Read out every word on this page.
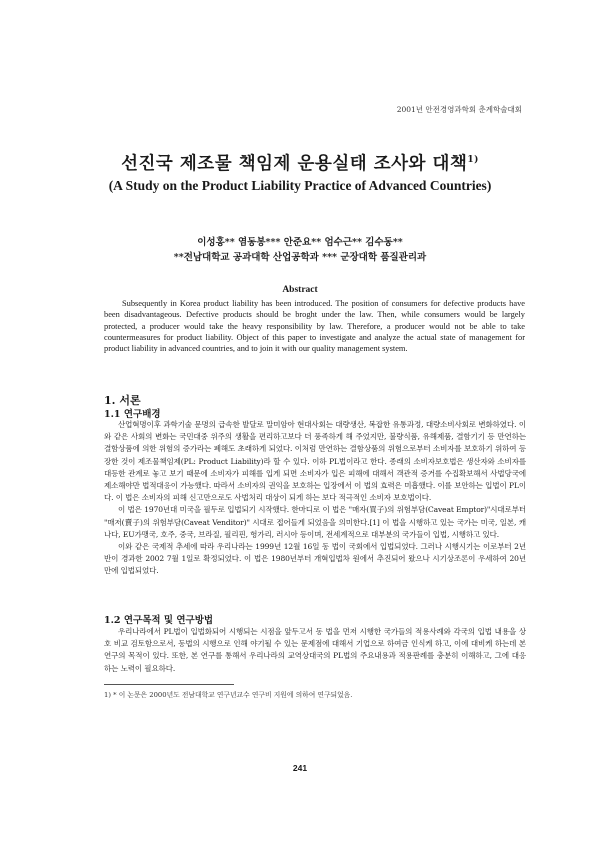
2001년 안전경영과학회 춘계학술대회
선진국 제조물 책임제 운용실태 조사와 대책$^{1)}$
(A Study on the Product Liability Practice of Advanced Countries)
이성홍** 염동봉*** 안준요** 엄수근** 김수동**
**전남대학교 공과대학 산업공학과 *** 군장대학 품질관리과
Abstract
Subsequently in Korea product liability has been introduced. The position of consumers for defective products have been disadvantageous. Defective products should be broght under the law. Then, while consumers would be largely protected, a producer would take the heavy responsibility by law. Therefore, a producer would not be able to take countermeasures for product liability. Object of this paper to investigate and analyze the actual state of management for product liability in advanced countries, and to join it with our quality management system.
1. 서론
1.1 연구배경

산업혁명이후 과학기술 문명의 급속한 발달로 말미암아 현대사회는 대량생산, 복잡한 유통과정, 대량소비사회로 변화하였다. 이와 같은 사회의 변화는 국민대중 위주의 생활을 편리하고보다 더 풍족하게 해 주었지만, 불량식품, 유해제품, 결함기기 등 만연하는 결함상품에 의한 위험의 증가라는 폐해도 초래하게 되었다. 이처럼 만연하는 결함상품의 위험으로부터 소비자를 보호하기 위하여 등장한 것이 제조물책임제(PL: Product Liability)라 할 수 있다. 이하 PL법이라고 한다. 종래의 소비자보호법은 생산자와 소비자를 대등한 관계로 놓고 보기 때문에 소비자가 피해를 입게 되면 소비자가 입은 피해에 대해서 객관적 증거를 수집확보해서 사법당국에 제소해야만 법적대응이 가능했다. 따라서 소비자의 권익을 보호하는 입장에서 이 법의 효력은 미흡했다. 이를 보안하는 입법이 PL이다. 이 법은 소비자의 피해 신고만으로도 사법처리 대상이 되게 하는 보다 적극적인 소비자 보호법이다.

이 법은 1970년대 미국을 필두로 입법되기 시작했다. 한마디로 이 법은 "매자(買子)의 위험부담(Caveat Emptor)"시대로부터 "매저(賣子)의 위험부담(Caveat Venditor)" 시대로 접어들게 되었음을 의미한다.[1] 이 법을 시행하고 있는 국가는 미국, 일본, 캐나다, EU가맹국, 호주, 중국, 브라질, 필리핀, 헝가리, 러시아 등이며, 전세계적으로 대부분의 국가들이 입법, 시행하고 있다.

이와 같은 국제적 추세에 따라 우리나라는 1999년 12월 16일 동 법이 국회에서 입법되었다. 그러나 시행시기는 이로부터 2년 반이 경과한 2002 7월 1일로 확정되었다. 이 법은 1980년부터 개혁입법차 원에서 추진되어 왔으나 시기상조론이 우세하여 20년 만에 입법되었다.

1.2 연구목적 및 연구방법

우리나라에서 PL법이 입법화되어 시행되는 시점을 앞두고서 동 법을 먼저 시행한 국가들의 적용사례와 각국의 입법 내용을 상호 비교 검토함으로서, 동법의 시행으로 인해 야기될 수 있는 문제점에 대해서 기업으로 하여금 인식케 하고, 이에 대비케 하는데 본 연구의 목적이 있다. 또한, 본 연구를 통해서 우리나라의 교역상대국의 PL법의 주요내용과 적용판례를 충분히 이해하고, 그에 대응하는 노력이 필요하다.

1) * 이 논문은 2000년도 전남대학교 연구년교수 연구비 지원에 의하여 연구되었음.
241
